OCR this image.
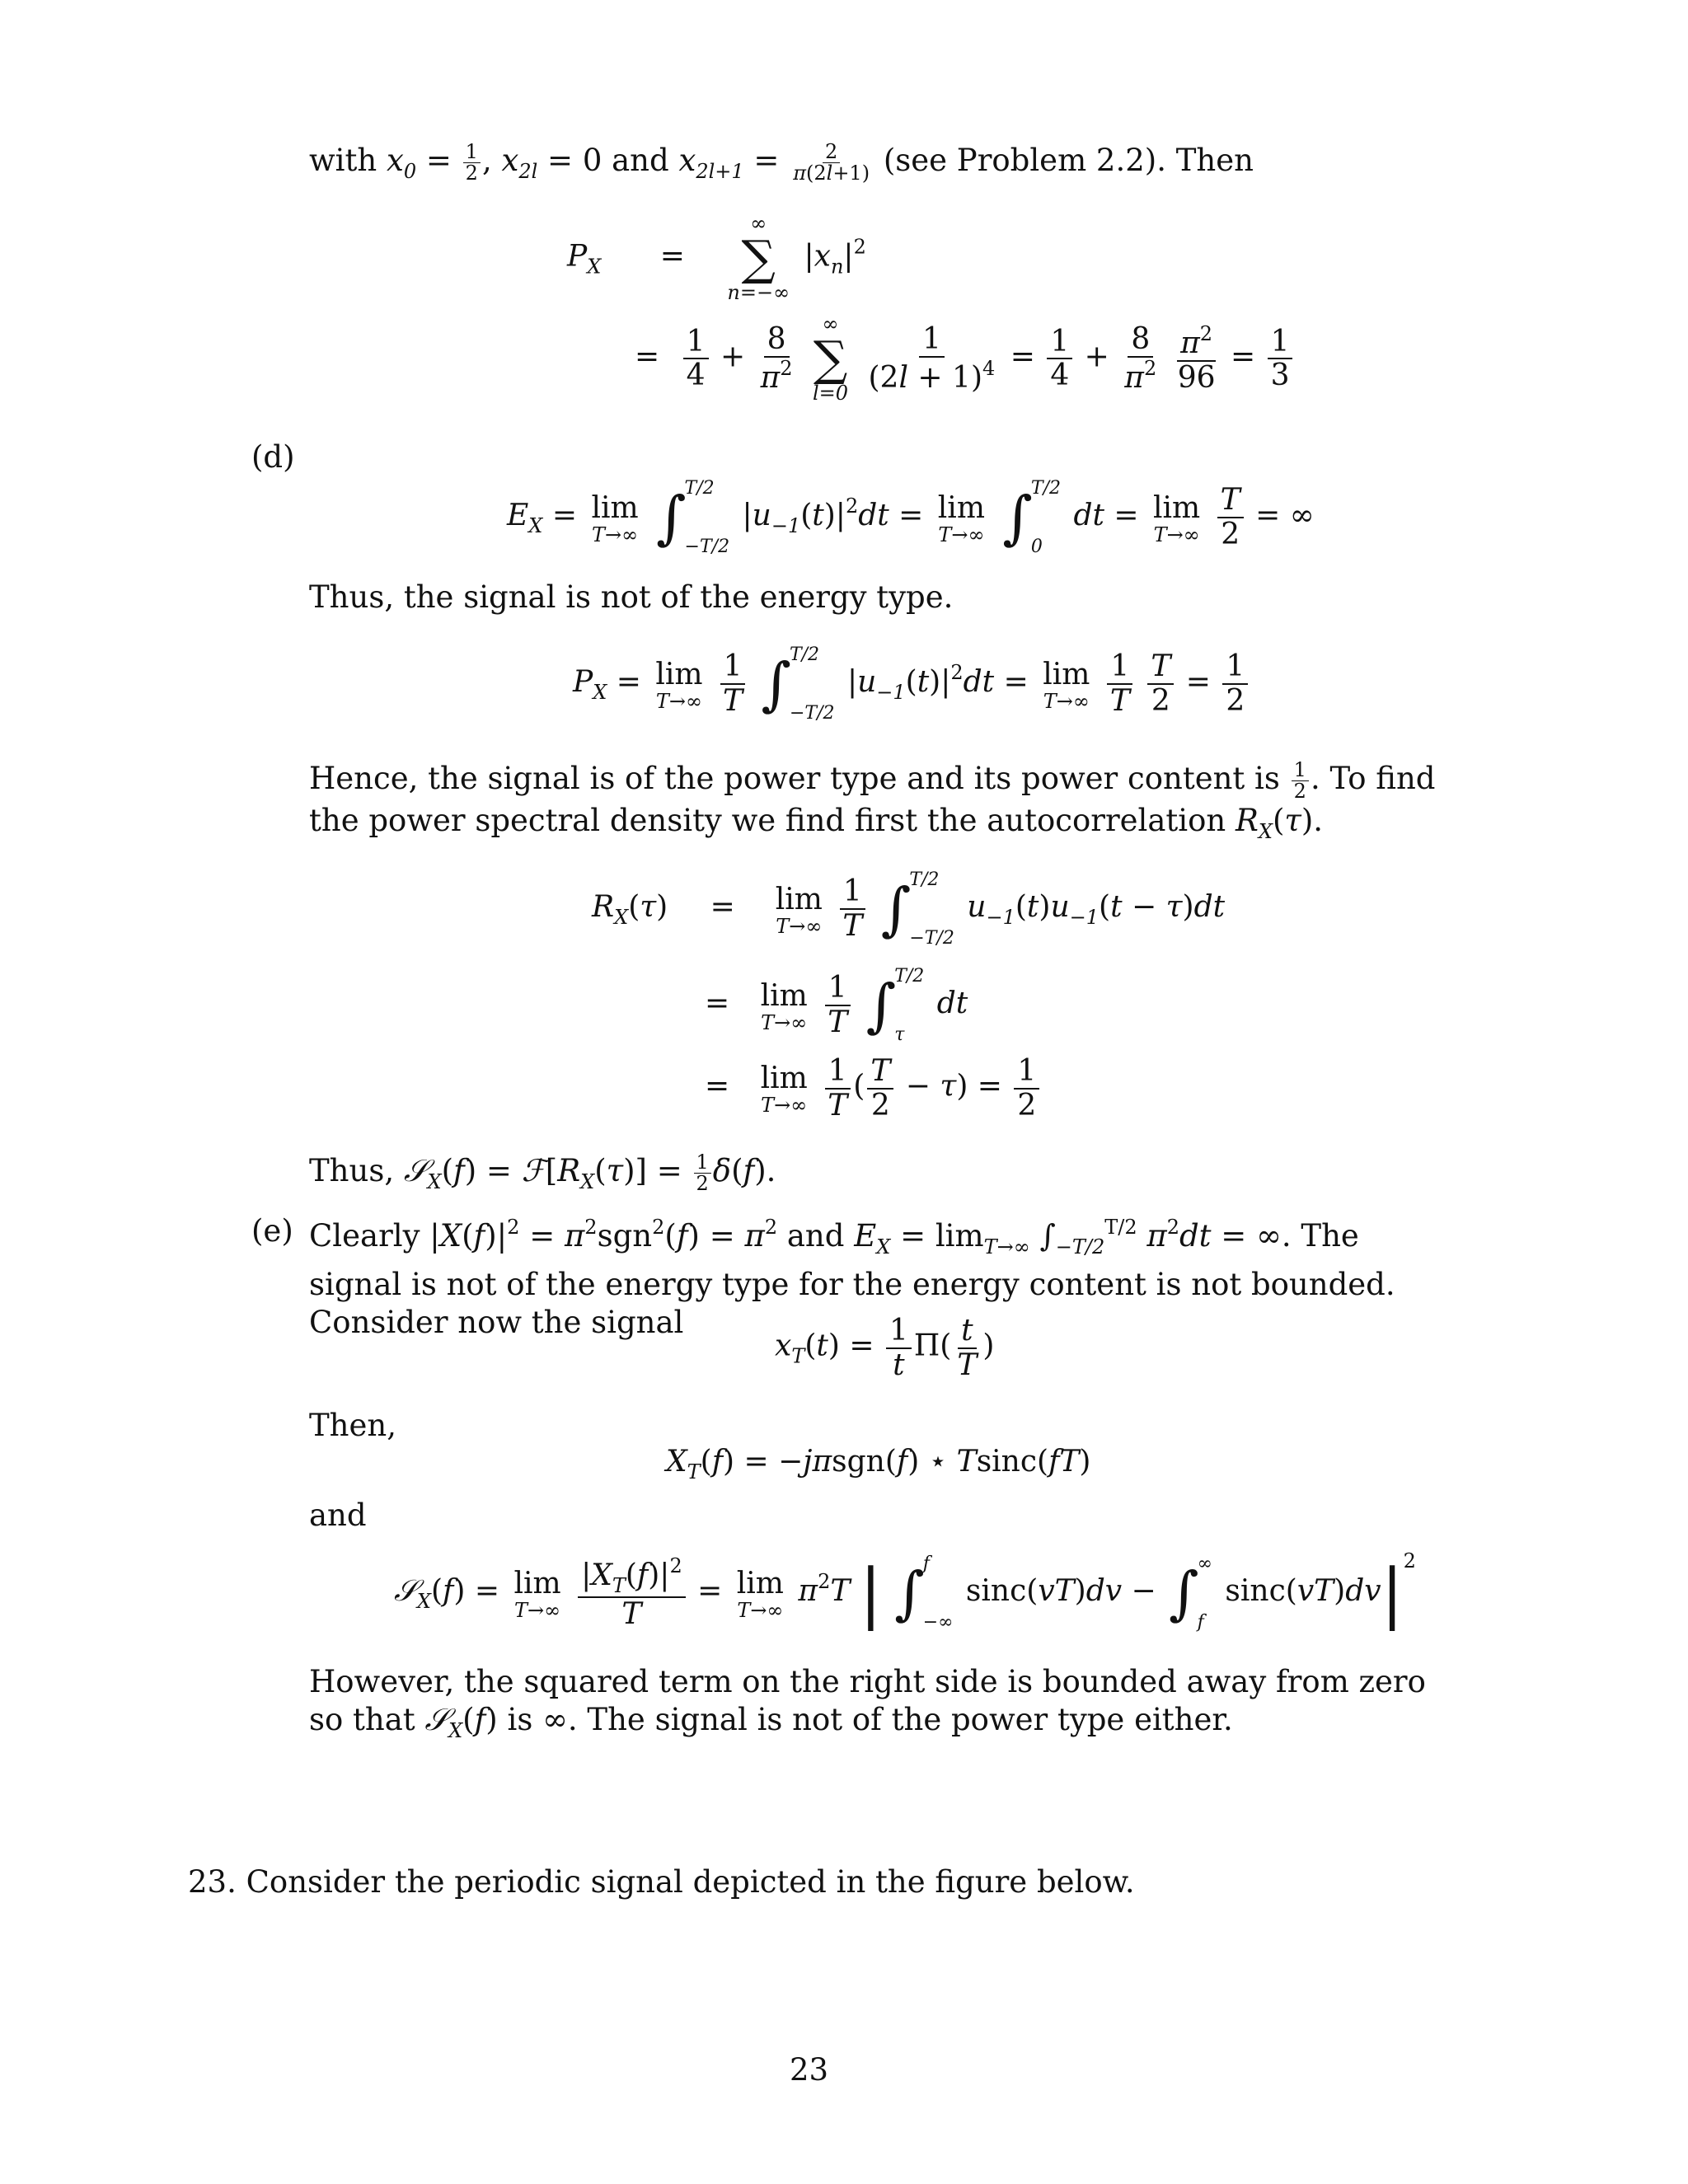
with $x_0 = \frac{1}{2}$ , $x_{2l} = 0$ and $x_{2l+1} = \frac{2}{\pi(2l+1)} (see$ Problem 2.2). Then
$P_X$ =
∞
∑
n=−∞
$|x_n|^2$
= $\frac{1}{4} + \frac{8}{\pi^2}$
∞
∑
l=0
$\frac{1}{(2l + 1)^4} = \frac{1}{4} + \frac{8}{\pi^2}$
$\frac{\pi^2}{96} = \frac{1}{3}$
(d)
$E_X = \lim$
T→∞
∫
T/2
−T/2
$|u_{-1}(t)|^2dt = \lim$
T→∞
∫
T/2
0
dt = lim
T→∞
$\frac{T}{2}$ = ∞
Thus, the signal is not of the energy type.
$P_X = \lim$
T→∞
$\frac{1}{T}$
∫
T/2
−T/2
$|u_{-1}(t)|^2dt = \lim$
T→∞
$\frac{1}{T}$
$\frac{T}{2} = \frac{1}{2}$
Hence, the signal is of the power type and its power content is $\frac{1}{2}$ . To find the power spectral density we find first the autocorrelation $R_X(\tau)$.
$R_X(\tau) = \lim$
T→∞
$\frac{1}{T}$
∫
T/2
−T/2
$u_{-1}(t)u_{-1}(t - \tau)dt$
= lim
T→∞
$\frac{1}{T}$
∫
T/2
τ
dt
= lim
T→∞
$\frac{1}{T}$ ( $\frac{T}{2} - \tau) = \frac{1}{2}$
Thus, 𝒮$_X$(f) = $ℱ[R_X(\tau)] = \frac{1}{2} \delta(f)$.
(e) Clearly $|X(f)|^2 = \pi^2sgn^2(f) = \pi^2$ and $E_X = \lim_{T\to\infty} \int_{-T/2}^{T/2}$ $\pi^2dt$ = ∞. The signal is not of the energy type for the energy content is not bounded. Consider now the signal
$x_T(t) = \frac{1}{t} \Pi( \frac{t}{T}$ )
Then,
$X_T(f) = -j\pi sgn(f)$ ⋆ Tsinc(fT)
and
𝒮$_X$(f) = lim
T→∞
$\frac{|X_T(f)|^2}{T} = \lim$
T→∞
$\pi^2T$ | ∫
f
−∞
sinc(vT)dv − ∫
∞
f
$\sin c(vT)dv|^2$
However, the squared term on the right side is bounded away from zero so that 𝒮$_X$(f) is ∞. The signal is not of the power type either.
23. Consider the periodic signal depicted in the figure below.
23
